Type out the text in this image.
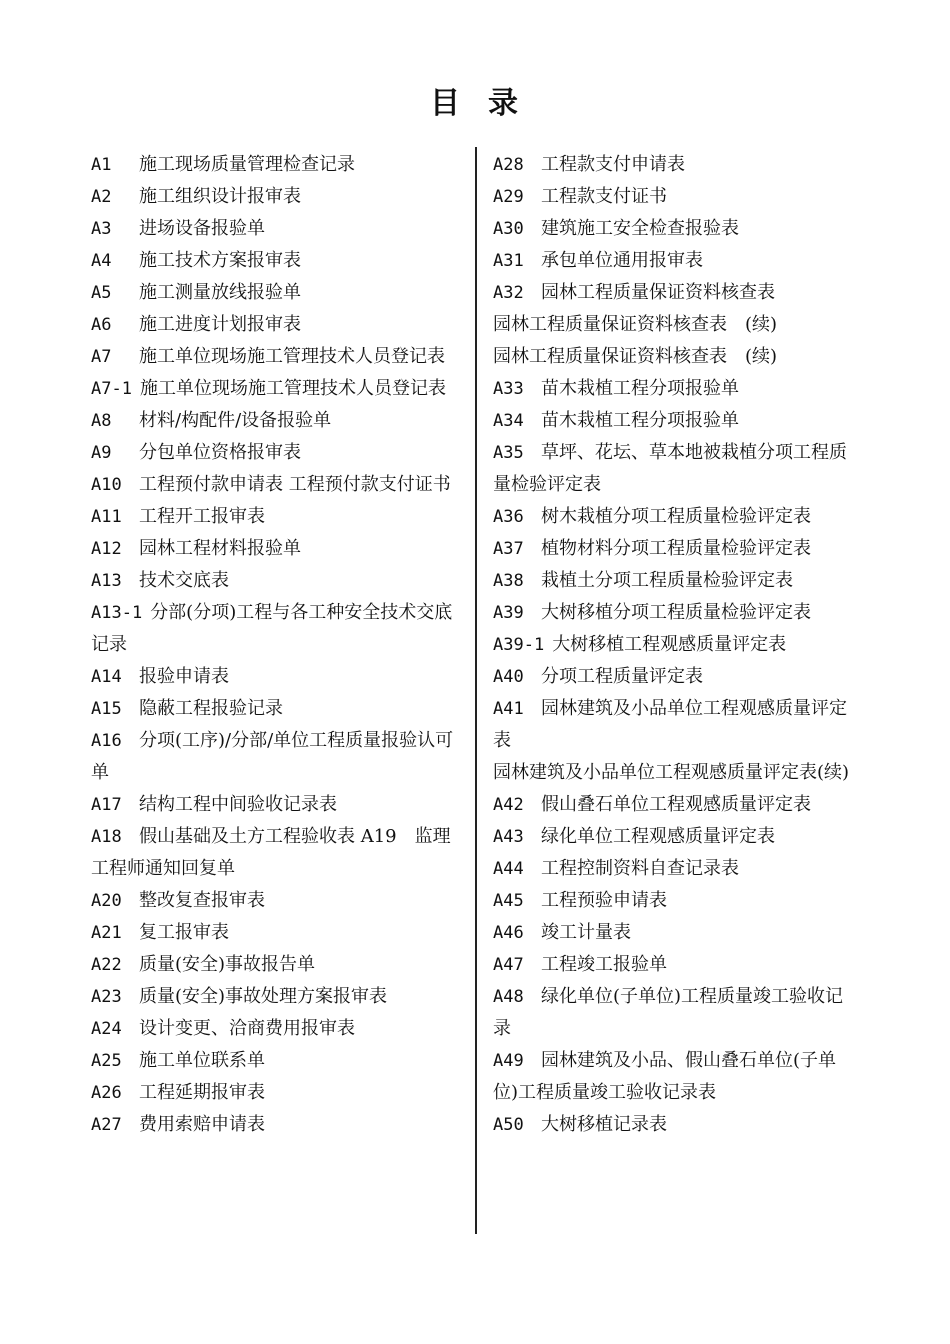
目 录

A1 施工现场质量管理检查记录

A2 施工组织设计报审表

A3 进场设备报验单

A4 施工技术方案报审表

A5 施工测量放线报验单

A6 施工进度计划报审表

A7 施工单位现场施工管理技术人员登记表

A7-1 施工单位现场施工管理技术人员登记表

A8 材料/构配件/设备报验单

A9 分包单位资格报审表

A10 工程预付款申请表 工程预付款支付证书

A11 工程开工报审表

A12 园林工程材料报验单

A13 技术交底表

A13-1 分部(分项)工程与各工种安全技术交底记录

A14 报验申请表

A15 隐蔽工程报验记录

A16 分项(工序)/分部/单位工程质量报验认可单

A17 结构工程中间验收记录表

A18 假山基础及土方工程验收表 A19　监理工程师通知回复单

A20 整改复查报审表

A21 复工报审表

A22 质量(安全)事故报告单

A23 质量(安全)事故处理方案报审表

A24 设计变更、洽商费用报审表

A25 施工单位联系单

A26 工程延期报审表

A27 费用索赔申请表

A28 工程款支付申请表

A29 工程款支付证书

A30 建筑施工安全检查报验表

A31 承包单位通用报审表

A32 园林工程质量保证资料核查表

园林工程质量保证资料核查表　(续)

园林工程质量保证资料核查表　(续)

A33 苗木栽植工程分项报验单

A34 苗木栽植工程分项报验单

A35 草坪、花坛、草本地被栽植分项工程质量检验评定表

A36 树木栽植分项工程质量检验评定表

A37 植物材料分项工程质量检验评定表

A38 栽植土分项工程质量检验评定表

A39 大树移植分项工程质量检验评定表

A39-1 大树移植工程观感质量评定表

A40 分项工程质量评定表

A41 园林建筑及小品单位工程观感质量评定表

园林建筑及小品单位工程观感质量评定表(续)

A42 假山叠石单位工程观感质量评定表

A43 绿化单位工程观感质量评定表

A44 工程控制资料自查记录表

A45 工程预验申请表

A46 竣工计量表

A47 工程竣工报验单

A48 绿化单位(子单位)工程质量竣工验收记录

A49 园林建筑及小品、假山叠石单位(子单位)工程质量竣工验收记录表

A50 大树移植记录表
